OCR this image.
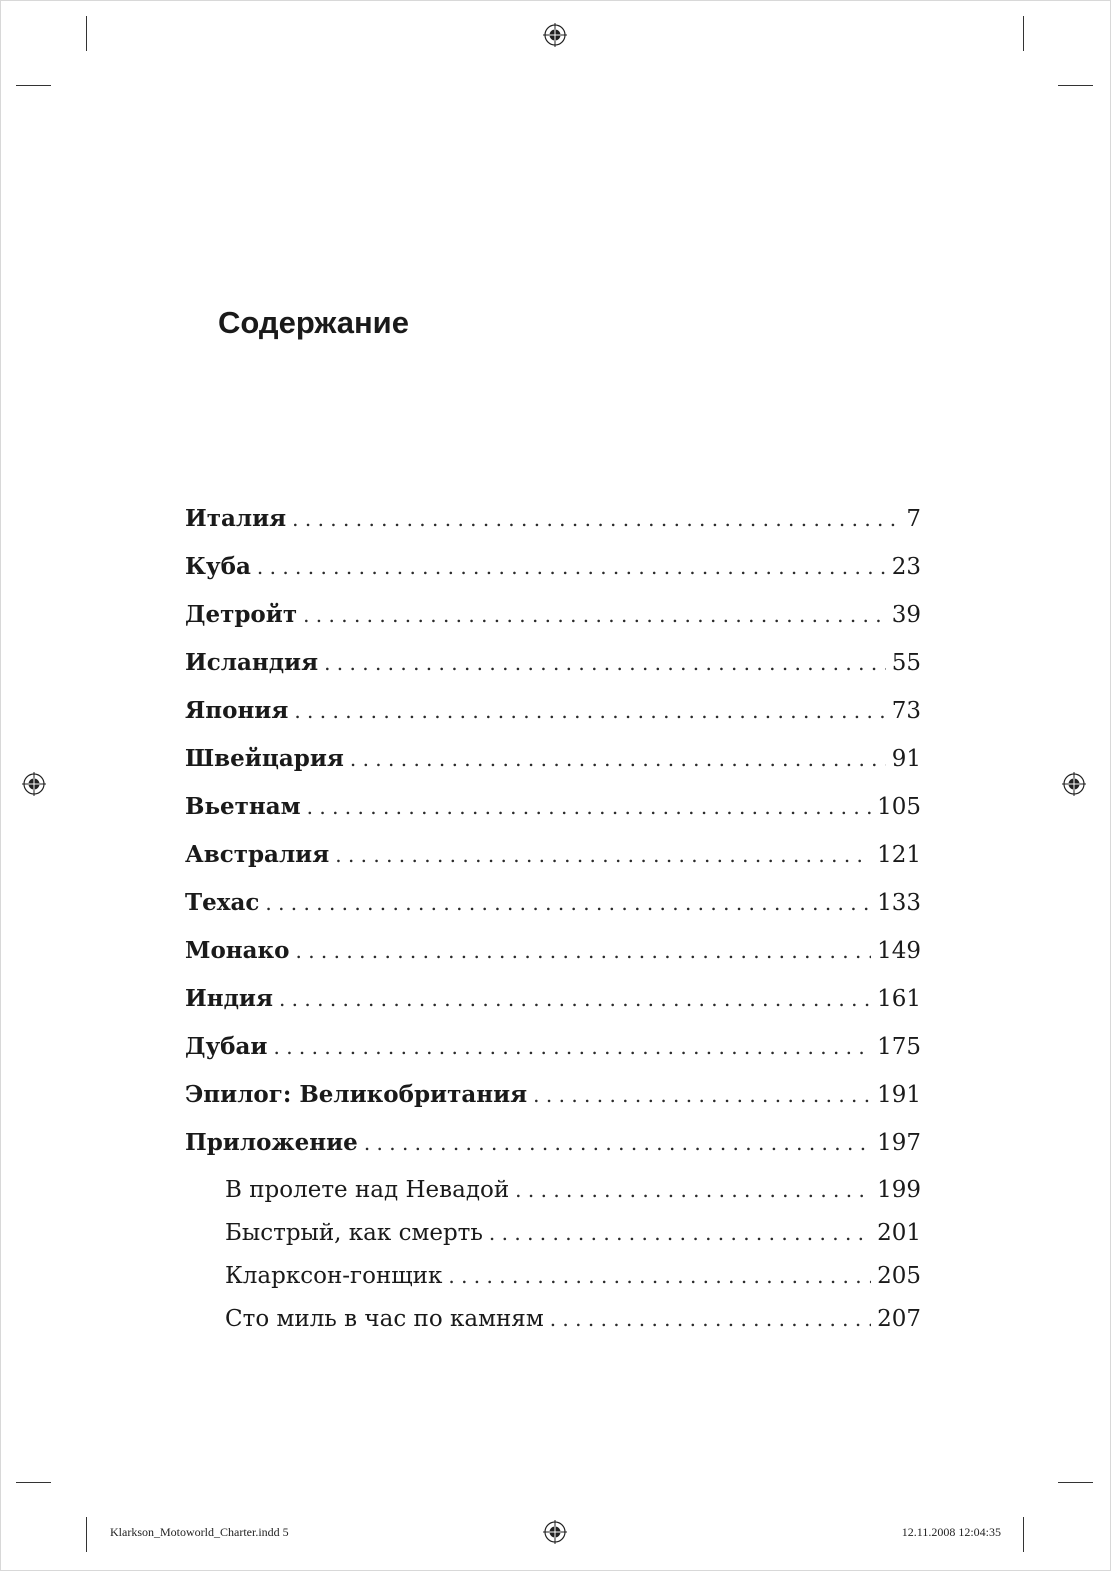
Содержание
Италия . . .	7
Куба . . .	23
Детройт . . .	39
Исландия . . .	55
Япония . . .	73
Швейцария . . .	91
Вьетнам . . .	105
Австралия . . .	121
Техас . . .	133
Монако . . .	149
Индия . . .	161
Дубаи . . .	175
Эпилог: Великобритания . . .	191
Приложение . . .	197
В пролете над Невадой . . .	199
Быстрый, как смерть . . .	201
Кларксон-гонщик . . .	205
Сто миль в час по камням . . .	207
Klarkson_Motoworld_Charter.indd 5	12.11.2008 12:04:35
